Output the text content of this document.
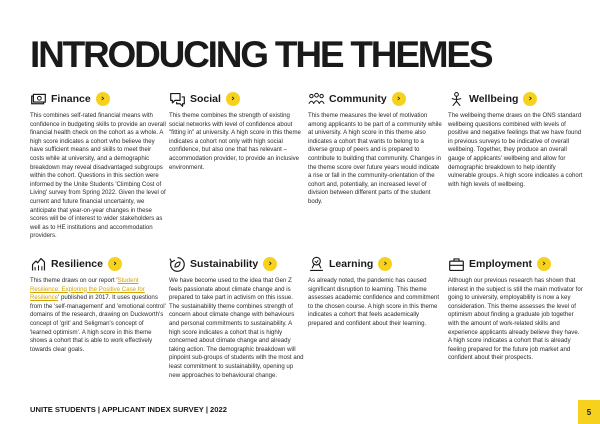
INTRODUCING THE THEMES
Finance	›

This combines self-rated financial means with confidence in budgeting skills to provide an overall financial health check on the cohort as a whole. A high score indicates a cohort who believe they have sufficient means and skills to meet their costs while at university, and a demographic breakdown may reveal disadvantaged subgroups within the cohort. Questions in this section were informed by the Unite Students 'Climbing Cost of Living' survey from Spring 2022. Given the level of current and future financial uncertainty, we anticipate that year-on-year changes in these scores will be of interest to wider stakeholders as well as to HE institutions and accommodation providers.

Social	›

This theme combines the strength of existing social networks with level of confidence about "fitting in" at university. A high score in this theme indicates a cohort not only with high social confidence, but also one that has relevant – accommodation provider, to provide an inclusive environment.

Community	›

This theme measures the level of motivation among applicants to be part of a community while at university. A high score in this theme also indicates a cohort that wants to belong to a diverse group of peers and is prepared to contribute to building that community. Changes in the theme score over future years would indicate a rise or fall in the community-orientation of the cohort and, potentially, an increased level of division between different parts of the student body.

Wellbeing	›

The wellbeing theme draws on the ONS standard wellbeing questions combined with levels of positive and negative feelings that we have found in previous surveys to be indicative of overall wellbeing. Together, they produce an overall gauge of applicants' wellbeing and allow for demographic breakdown to help identify vulnerable groups. A high score indicates a cohort with high levels of wellbeing.

Resilience	›

This theme draws on our report 'Student Resilience: Exploring the Positive Case for Resilience' published in 2017. It uses questions from the 'self-management' and 'emotional control' domains of the research, drawing on Duckworth's concept of 'grit' and Seligman's concept of 'learned optimism'. A high score in this theme shows a cohort that is able to work effectively towards clear goals.

Sustainability	›

We have become used to the idea that Gen Z feels passionate about climate change and is prepared to take part in activism on this issue. The sustainability theme combines strength of concern about climate change with behaviours and personal commitments to sustainability. A high score indicates a cohort that is highly concerned about climate change and already taking action. The demographic breakdown will pinpoint sub-groups of students with the most and least commitment to sustainability, opening up new approaches to behavioural change.

Learning	›

As already noted, the pandemic has caused significant disruption to learning. This theme assesses academic confidence and commitment to the chosen course. A high score in this theme indicates a cohort that feels academically prepared and confident about their learning.

Employment	›

Although our previous research has shown that interest in the subject is still the main motivator for going to university, employability is now a key consideration. This theme assesses the level of optimism about finding a graduate job together with the amount of work-related skills and experience applicants already believe they have. A high score indicates a cohort that is already feeling prepared for the future job market and confident about their prospects.

UNITE STUDENTS | APPLICANT INDEX SURVEY | 2022	5
